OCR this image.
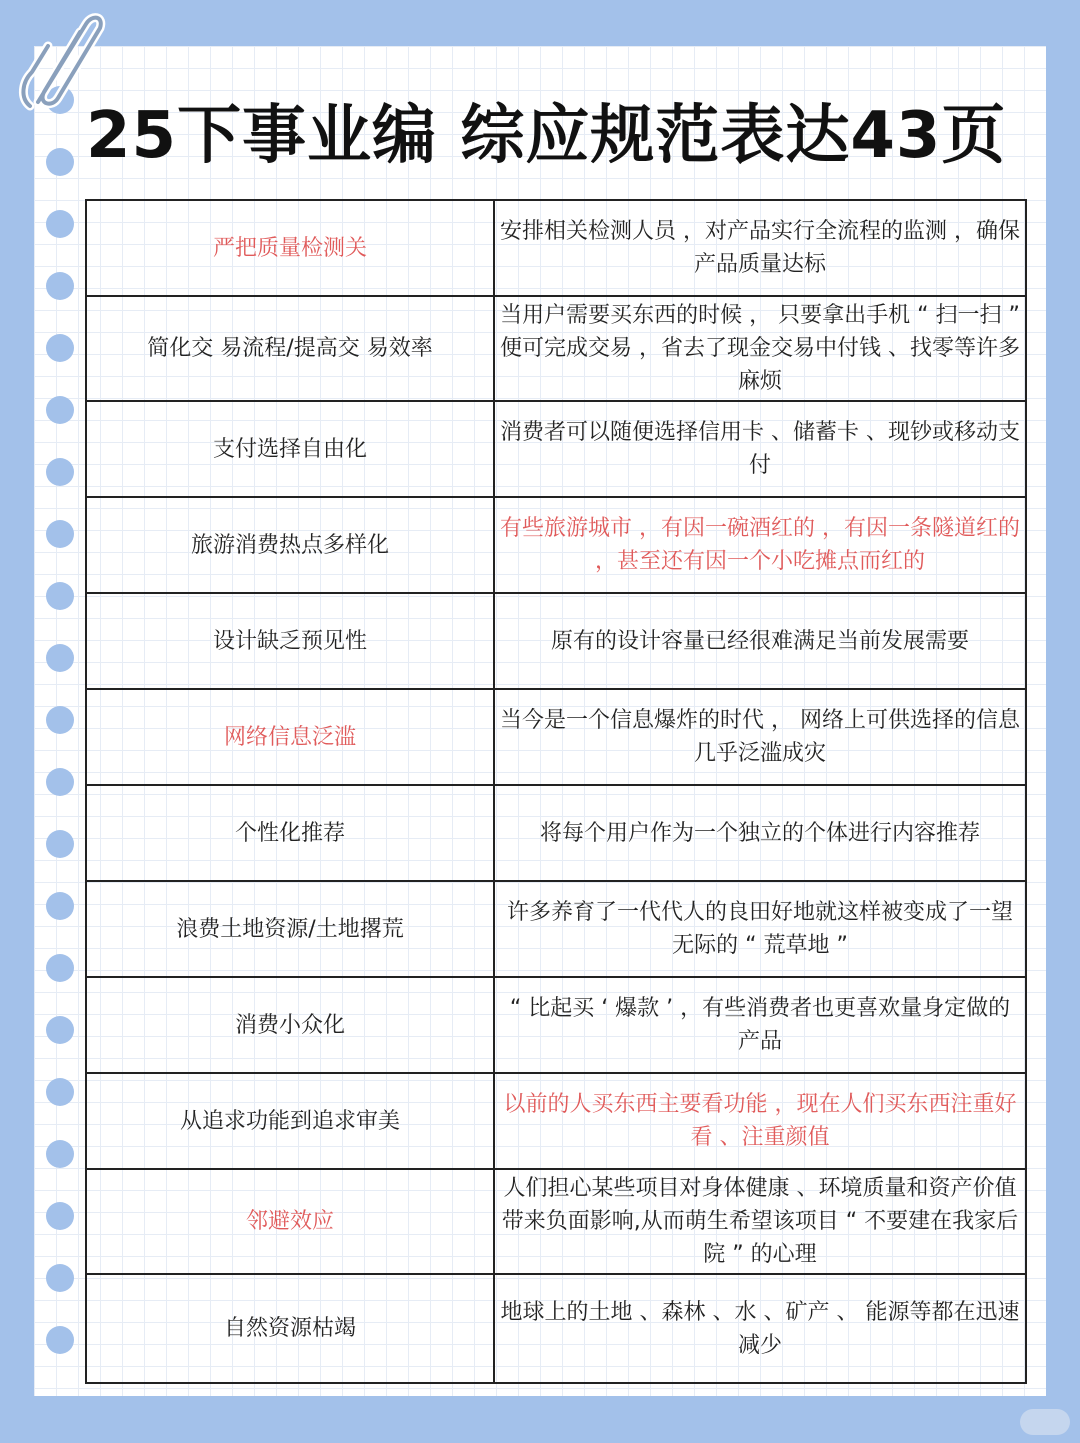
25下事业编 综应规范表达43页
严把质量检测关	安排相关检测人员 ，对产品实行全流程的监测 ，确保产品质量达标
简化交 易流程/提高交 易效率	当用户需要买东西的时候 ， 只要拿出手机 “ 扫一扫 ” 便可完成交易 ，省去了现金交易中付钱 、找零等许多麻烦
支付选择自由化	消费者可以随便选择信用卡 、储蓄卡 、现钞或移动支付
旅游消费热点多样化	有些旅游城市 ，有因一碗酒红的 ，有因一条隧道红的 ，甚至还有因一个小吃摊点而红的
设计缺乏预见性	原有的设计容量已经很难满足当前发展需要
网络信息泛滥	当今是一个信息爆炸的时代 ， 网络上可供选择的信息几乎泛滥成灾
个性化推荐	将每个用户作为一个独立的个体进行内容推荐
浪费土地资源/土地撂荒	许多养育了一代代人的良田好地就这样被变成了一望无际的 “ 荒草地 ”
消费小众化	“ 比起买 ‘ 爆款 ’ ，有些消费者也更喜欢量身定做的产品
从追求功能到追求审美	以前的人买东西主要看功能 ，现在人们买东西注重好看 、注重颜值
邻避效应	人们担心某些项目对身体健康 、环境质量和资产价值带来负面影响,从而萌生希望该项目 “ 不要建在我家后院 ” 的心理
自然资源枯竭	地球上的土地 、森林 、水 、矿产 、 能源等都在迅速减少
